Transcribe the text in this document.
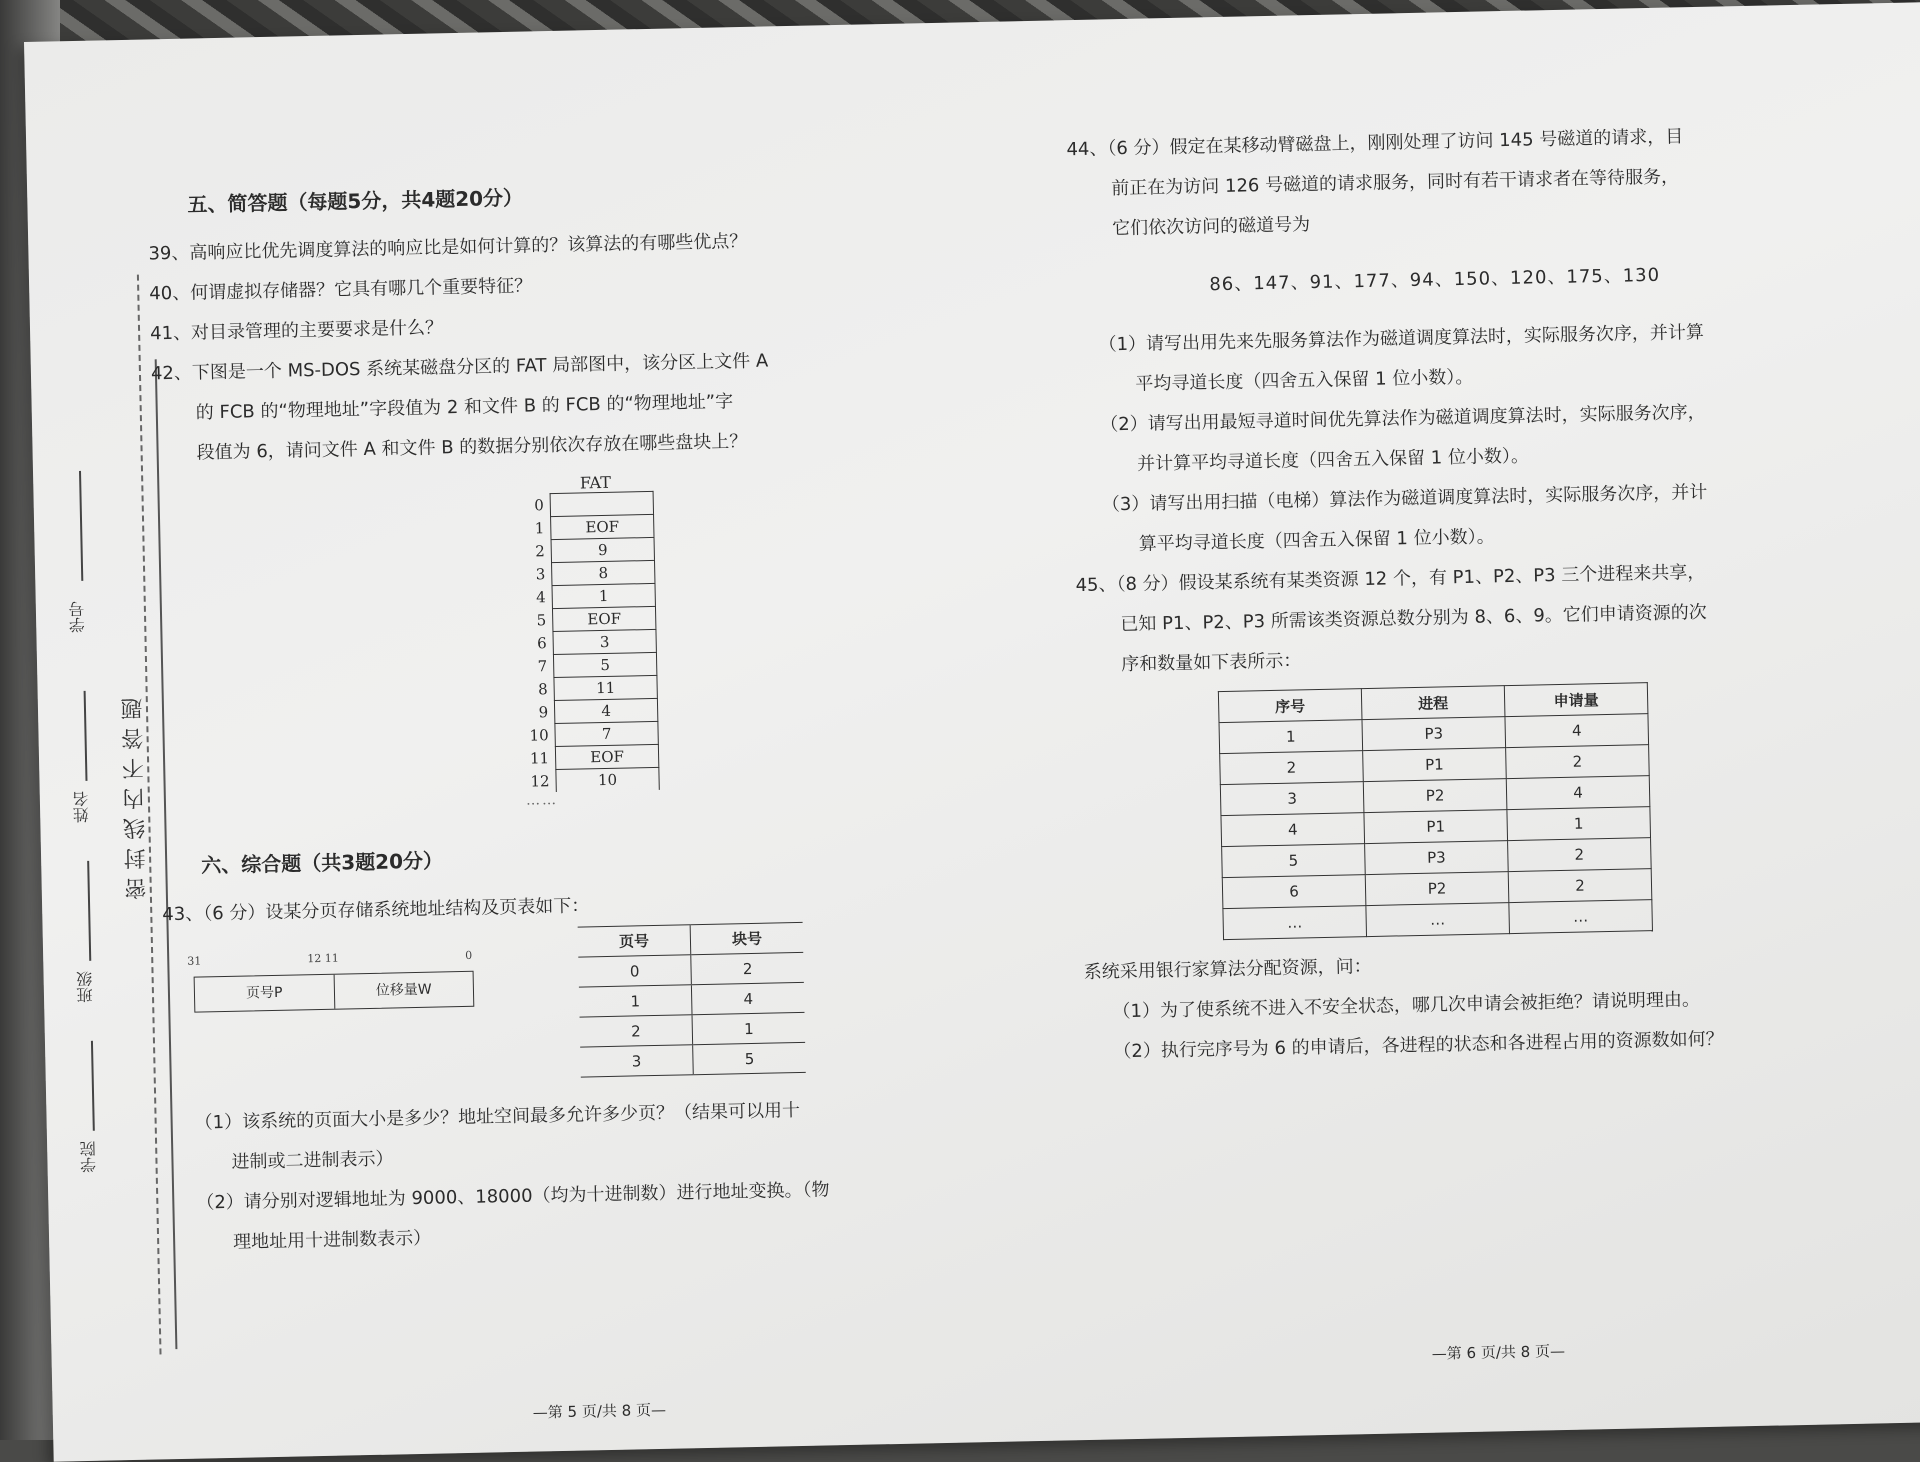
密封线内不答题
学号
姓名
班级
学院

五、简答题（每题5分，共4题20分）

39、高响应比优先调度算法的响应比是如何计算的？该算法的有哪些优点？

40、何谓虚拟存储器？它具有哪几个重要特征？

41、对目录管理的主要要求是什么？

42、下图是一个 MS-DOS 系统某磁盘分区的 FAT 局部图中，该分区上文件 A

的 FCB 的“物理地址”字段值为 2 和文件 B 的 FCB 的“物理地址”字

段值为 6，请问文件 A 和文件 B 的数据分别依次存放在哪些盘块上？

FAT
0
1	EOF
2	9
3	8
4	1
5	EOF
6	3
7	5
8	11
9	4
10	7
11	EOF
12	10
……

六、综合题（共3题20分）

43、（6 分）设某分页存储系统地址结构及页表如下：

31	12 11	0
页号P	位移量W
页号	块号
0	2
1	4
2	1
3	5

（1）该系统的页面大小是多少？地址空间最多允许多少页？（结果可以用十

进制或二进制表示）

（2）请分别对逻辑地址为 9000、18000（均为十进制数）进行地址变换。（物

理地址用十进制数表示）

—第 5 页/共 8 页—

44、（6 分）假定在某移动臂磁盘上，刚刚处理了访问 145 号磁道的请求，目

前正在为访问 126 号磁道的请求服务，同时有若干请求者在等待服务，

它们依次访问的磁道号为

86、147、91、177、94、150、120、175、130

（1）请写出用先来先服务算法作为磁道调度算法时，实际服务次序，并计算

平均寻道长度（四舍五入保留 1 位小数）。

（2）请写出用最短寻道时间优先算法作为磁道调度算法时，实际服务次序，

并计算平均寻道长度（四舍五入保留 1 位小数）。

（3）请写出用扫描（电梯）算法作为磁道调度算法时，实际服务次序，并计

算平均寻道长度（四舍五入保留 1 位小数）。

45、（8 分）假设某系统有某类资源 12 个，有 P1、P2、P3 三个进程来共享，

已知 P1、P2、P3 所需该类资源总数分别为 8、6、9。它们申请资源的次

序和数量如下表所示：

序号	进程	申请量
1	P3	4
2	P1	2
3	P2	4
4	P1	1
5	P3	2
6	P2	2
…	…	…

系统采用银行家算法分配资源，问：

（1）为了使系统不进入不安全状态，哪几次申请会被拒绝？请说明理由。

（2）执行完序号为 6 的申请后，各进程的状态和各进程占用的资源数如何？

—第 6 页/共 8 页—
